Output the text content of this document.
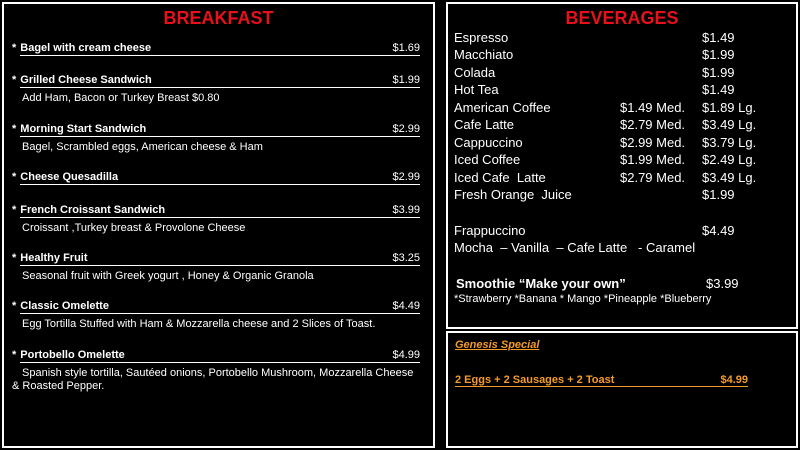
BREAKFAST
* Bagel with cream cheese	$1.69
* Grilled Cheese Sandwich	$1.99
Add Ham, Bacon or Turkey Breast $0.80
* Morning Start Sandwich	$2.99
Bagel, Scrambled eggs, American cheese & Ham
* Cheese Quesadilla	$2.99
* French Croissant Sandwich	$3.99
Croissant ,Turkey breast & Provolone Cheese
* Healthy Fruit	$3.25
Seasonal fruit with Greek yogurt , Honey & Organic Granola
* Classic Omelette	$4.49
Egg Tortilla Stuffed with Ham & Mozzarella cheese and 2 Slices of Toast.
* Portobello Omelette	$4.99
Spanish style tortilla, Sautéed onions, Portobello Mushroom, Mozzarella Cheese & Roasted Pepper.
BEVERAGES
Espresso	$1.49
Macchiato	$1.99
Colada	$1.99
Hot Tea	$1.49
American Coffee	$1.49 Med. $1.89 Lg.
Cafe Latte	$2.79 Med. $3.49 Lg.
Cappuccino	$2.99 Med. $3.79 Lg.
Iced Coffee	$1.99 Med. $2.49 Lg.
Iced Cafe  Latte	$2.79 Med. $3.49 Lg.
Fresh Orange  Juice	$1.99
Frappuccino	$4.49
Mocha  – Vanilla  – Cafe Latte   - Caramel
Smoothie “Make your own”	$3.99
*Strawberry *Banana * Mango *Pineapple *Blueberry
Genesis Special
2 Eggs + 2 Sausages + 2 Toast	$4.99
